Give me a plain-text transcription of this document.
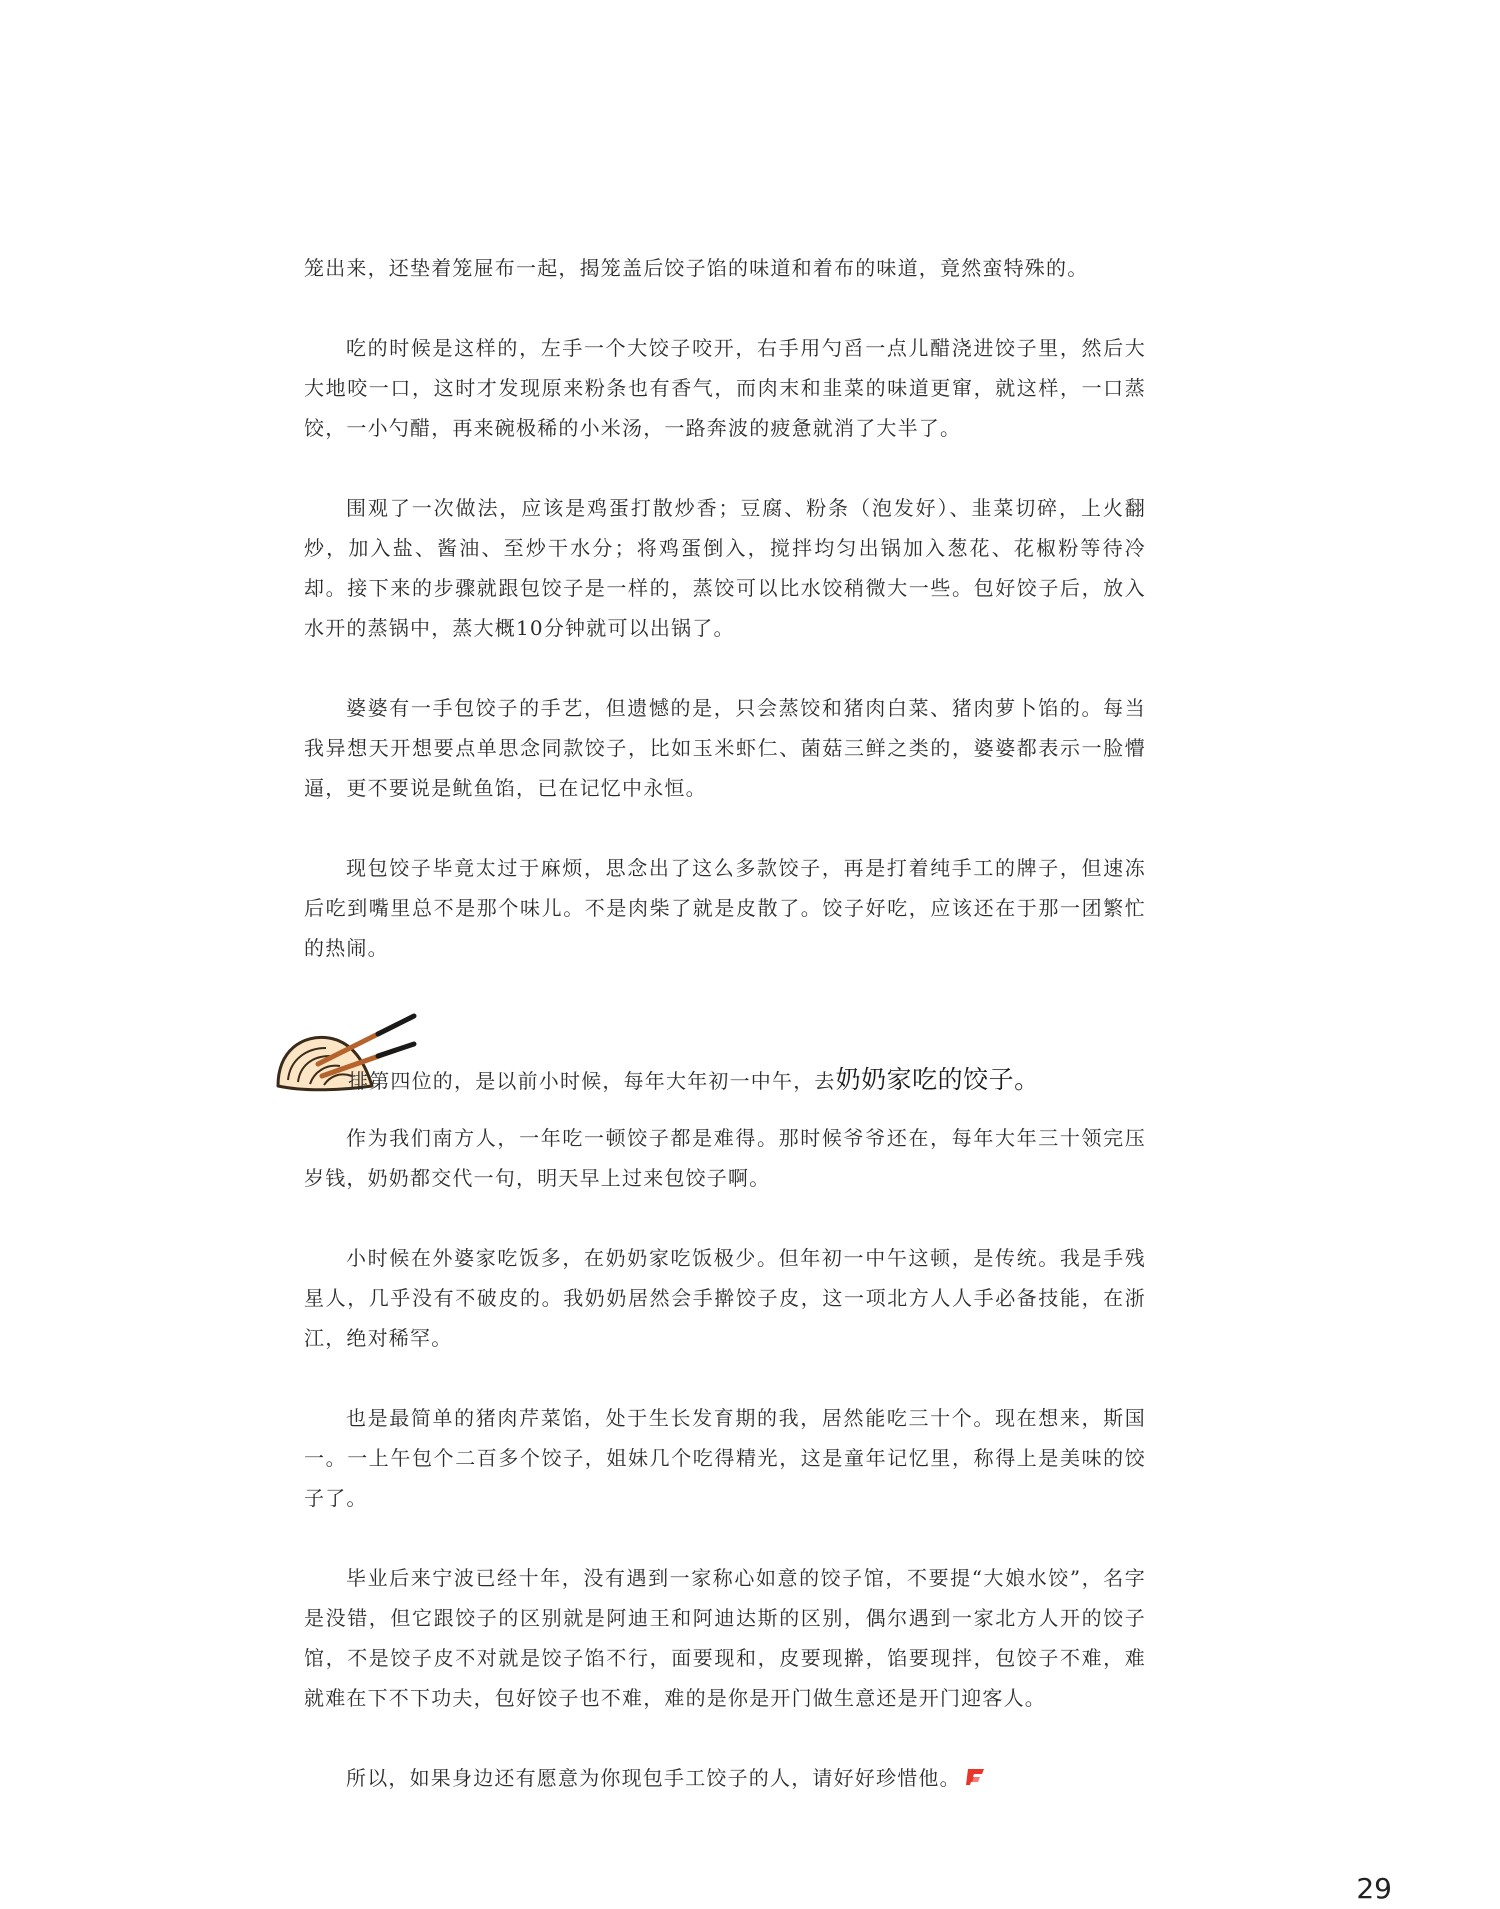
笼出来，还垫着笼屉布一起，揭笼盖后饺子馅的味道和着布的味道，竟然蛮特殊的。

吃的时候是这样的，左手一个大饺子咬开，右手用勺舀一点儿醋浇进饺子里，然后大大地咬一口，这时才发现原来粉条也有香气，而肉末和韭菜的味道更窜，就这样，一口蒸饺，一小勺醋，再来碗极稀的小米汤，一路奔波的疲惫就消了大半了。

围观了一次做法，应该是鸡蛋打散炒香；豆腐、粉条（泡发好）、韭菜切碎，上火翻炒，加入盐、酱油、至炒干水分；将鸡蛋倒入，搅拌均匀出锅加入葱花、花椒粉等待冷却。接下来的步骤就跟包饺子是一样的，蒸饺可以比水饺稍微大一些。包好饺子后，放入水开的蒸锅中，蒸大概10分钟就可以出锅了。

婆婆有一手包饺子的手艺，但遗憾的是，只会蒸饺和猪肉白菜、猪肉萝卜馅的。每当我异想天开想要点单思念同款饺子，比如玉米虾仁、菌菇三鲜之类的，婆婆都表示一脸懵逼，更不要说是鱿鱼馅，已在记忆中永恒。

现包饺子毕竟太过于麻烦，思念出了这么多款饺子，再是打着纯手工的牌子，但速冻后吃到嘴里总不是那个味儿。不是肉柴了就是皮散了。饺子好吃，应该还在于那一团繁忙的热闹。

排第四位的，是以前小时候，每年大年初一中午，去奶奶家吃的饺子。

作为我们南方人，一年吃一顿饺子都是难得。那时候爷爷还在，每年大年三十领完压岁钱，奶奶都交代一句，明天早上过来包饺子啊。

小时候在外婆家吃饭多，在奶奶家吃饭极少。但年初一中午这顿，是传统。我是手残星人，几乎没有不破皮的。我奶奶居然会手擀饺子皮，这一项北方人人手必备技能，在浙江，绝对稀罕。

也是最简单的猪肉芹菜馅，处于生长发育期的我，居然能吃三十个。现在想来，斯国一。一上午包个二百多个饺子，姐妹几个吃得精光，这是童年记忆里，称得上是美味的饺子了。

毕业后来宁波已经十年，没有遇到一家称心如意的饺子馆，不要提“大娘水饺”，名字是没错，但它跟饺子的区别就是阿迪王和阿迪达斯的区别，偶尔遇到一家北方人开的饺子馆，不是饺子皮不对就是饺子馅不行，面要现和，皮要现擀，馅要现拌，包饺子不难，难就难在下不下功夫，包好饺子也不难，难的是你是开门做生意还是开门迎客人。

所以，如果身边还有愿意为你现包手工饺子的人，请好好珍惜他。

29
